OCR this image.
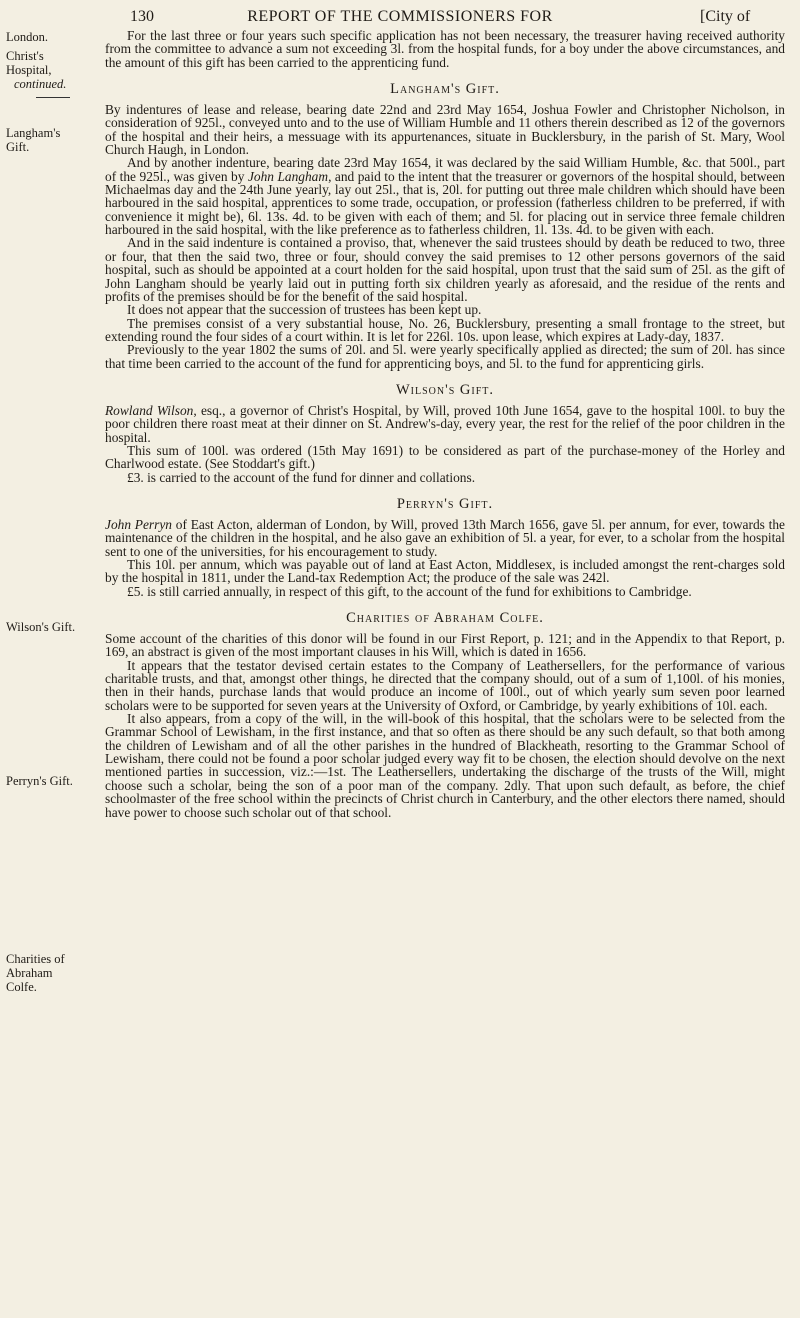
130	REPORT OF THE COMMISSIONERS FOR	[City of
London.
Christ's Hospital,
continued.
Langham's Gift.
Wilson's Gift.
Perryn's Gift.
Charities of Abraham Colfe.

For the last three or four years such specific application has not been necessary, the treasurer having received authority from the committee to advance a sum not exceeding 3l. from the hospital funds, for a boy under the above circumstances, and the amount of this gift has been carried to the apprenticing fund.

Langham's Gift.

By indentures of lease and release, bearing date 22nd and 23rd May 1654, Joshua Fowler and Christopher Nicholson, in consideration of 925l., conveyed unto and to the use of William Humble and 11 others therein described as 12 of the governors of the hospital and their heirs, a messuage with its appurtenances, situate in Bucklersbury, in the parish of St. Mary, Wool Church Haugh, in London.

And by another indenture, bearing date 23rd May 1654, it was declared by the said William Humble, &c. that 500l., part of the 925l., was given by John Langham, and paid to the intent that the treasurer or governors of the hospital should, between Michaelmas day and the 24th June yearly, lay out 25l., that is, 20l. for putting out three male children which should have been harboured in the said hospital, apprentices to some trade, occupation, or profession (fatherless children to be preferred, if with convenience it might be), 6l. 13s. 4d. to be given with each of them; and 5l. for placing out in service three female children harboured in the said hospital, with the like preference as to fatherless children, 1l. 13s. 4d. to be given with each.

And in the said indenture is contained a proviso, that, whenever the said trustees should by death be reduced to two, three or four, that then the said two, three or four, should convey the said premises to 12 other persons governors of the said hospital, such as should be appointed at a court holden for the said hospital, upon trust that the said sum of 25l. as the gift of John Langham should be yearly laid out in putting forth six children yearly as aforesaid, and the residue of the rents and profits of the premises should be for the benefit of the said hospital.

It does not appear that the succession of trustees has been kept up.

The premises consist of a very substantial house, No. 26, Bucklersbury, presenting a small frontage to the street, but extending round the four sides of a court within. It is let for 226l. 10s. upon lease, which expires at Lady-day, 1837.

Previously to the year 1802 the sums of 20l. and 5l. were yearly specifically applied as directed; the sum of 20l. has since that time been carried to the account of the fund for apprenticing boys, and 5l. to the fund for apprenticing girls.

Wilson's Gift.

Rowland Wilson, esq., a governor of Christ's Hospital, by Will, proved 10th June 1654, gave to the hospital 100l. to buy the poor children there roast meat at their dinner on St. Andrew's-day, every year, the rest for the relief of the poor children in the hospital.

This sum of 100l. was ordered (15th May 1691) to be considered as part of the purchase-money of the Horley and Charlwood estate. (See Stoddart's gift.)

£3. is carried to the account of the fund for dinner and collations.

Perryn's Gift.

John Perryn of East Acton, alderman of London, by Will, proved 13th March 1656, gave 5l. per annum, for ever, towards the maintenance of the children in the hospital, and he also gave an exhibition of 5l. a year, for ever, to a scholar from the hospital sent to one of the universities, for his encouragement to study.

This 10l. per annum, which was payable out of land at East Acton, Middlesex, is included amongst the rent-charges sold by the hospital in 1811, under the Land-tax Redemption Act; the produce of the sale was 242l.

£5. is still carried annually, in respect of this gift, to the account of the fund for exhibitions to Cambridge.

Charities of Abraham Colfe.

Some account of the charities of this donor will be found in our First Report, p. 121; and in the Appendix to that Report, p. 169, an abstract is given of the most important clauses in his Will, which is dated in 1656.

It appears that the testator devised certain estates to the Company of Leathersellers, for the performance of various charitable trusts, and that, amongst other things, he directed that the company should, out of a sum of 1,100l. of his monies, then in their hands, purchase lands that would produce an income of 100l., out of which yearly sum seven poor learned scholars were to be supported for seven years at the University of Oxford, or Cambridge, by yearly exhibitions of 10l. each.

It also appears, from a copy of the will, in the will-book of this hospital, that the scholars were to be selected from the Grammar School of Lewisham, in the first instance, and that so often as there should be any such default, so that both among the children of Lewisham and of all the other parishes in the hundred of Blackheath, resorting to the Grammar School of Lewisham, there could not be found a poor scholar judged every way fit to be chosen, the election should devolve on the next mentioned parties in succession, viz.:—1st. The Leathersellers, undertaking the discharge of the trusts of the Will, might choose such a scholar, being the son of a poor man of the company. 2dly. That upon such default, as before, the chief schoolmaster of the free school within the precincts of Christ church in Canterbury, and the other electors there named, should have power to choose such scholar out of that school.
